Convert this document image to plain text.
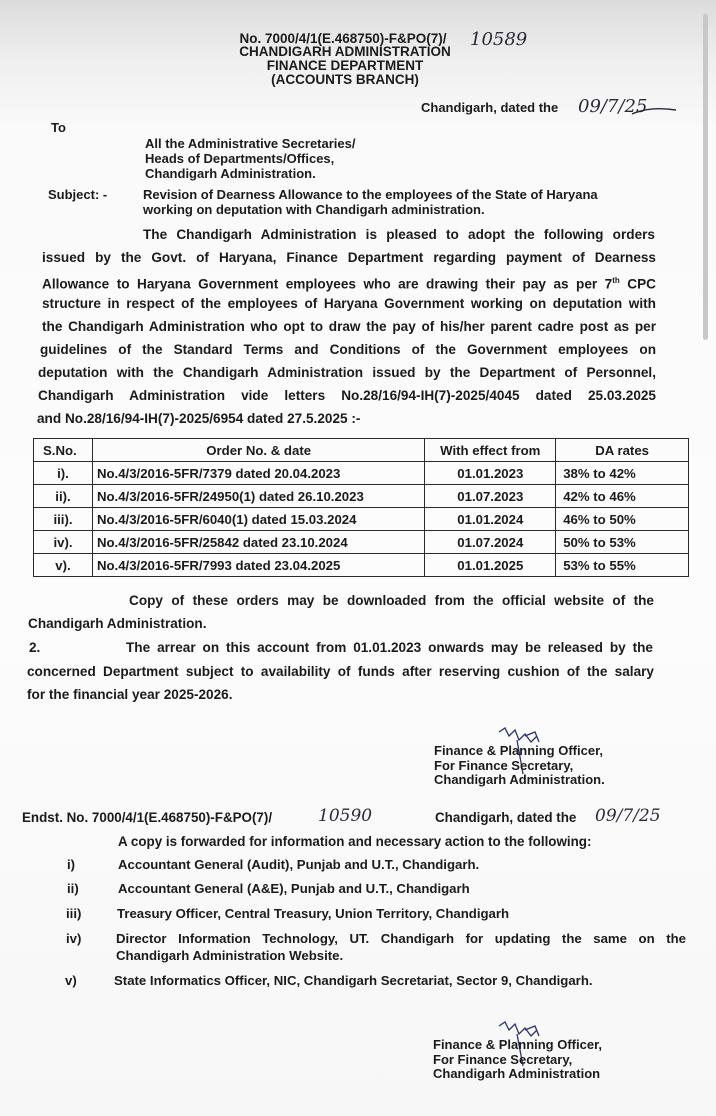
No. 7000/4/1(E.468750)-F&PO(7)/	10589
CHANDIGARH ADMINISTRATION
FINANCE DEPARTMENT
(ACCOUNTS BRANCH)
Chandigarh, dated the 09/7/25
To
All the Administrative Secretaries/
Heads of Departments/Offices,
Chandigarh Administration.
Subject: -	Revision of Dearness Allowance to the employees of the State of Haryana
working on deputation with Chandigarh administration.
The Chandigarh Administration is pleased to adopt the following orders
issued by the Govt. of Haryana, Finance Department regarding payment of Dearness
Allowance to Haryana Government employees who are drawing their pay as per 7th CPC
structure in respect of the employees of Haryana Government working on deputation with
the Chandigarh Administration who opt to draw the pay of his/her parent cadre post as per
guidelines of the Standard Terms and Conditions of the Government employees on
deputation with the Chandigarh Administration issued by the Department of Personnel,
Chandigarh Administration vide letters No.28/16/94-IH(7)-2025/4045 dated 25.03.2025
and No.28/16/94-IH(7)-2025/6954 dated 27.5.2025 :-
S.No.	Order No. & date	With effect from	DA rates
i).	No.4/3/2016-5FR/7379 dated 20.04.2023	01.01.2023	38% to 42%
ii).	No.4/3/2016-5FR/24950(1) dated 26.10.2023	01.07.2023	42% to 46%
iii).	No.4/3/2016-5FR/6040(1) dated 15.03.2024	01.01.2024	46% to 50%
iv).	No.4/3/2016-5FR/25842 dated 23.10.2024	01.07.2024	50% to 53%
v).	No.4/3/2016-5FR/7993 dated 23.04.2025	01.01.2025	53% to 55%
Copy of these orders may be downloaded from the official website of the
Chandigarh Administration.
2.	The arrear on this account from 01.01.2023 onwards may be released by the
concerned Department subject to availability of funds after reserving cushion of the salary
for the financial year 2025-2026.
Finance & Planning Officer,
For Finance Secretary,
Chandigarh Administration.
Endst. No. 7000/4/1(E.468750)-F&PO(7)/	10590	Chandigarh, dated the 09/7/25
A copy is forwarded for information and necessary action to the following:
i)	Accountant General (Audit), Punjab and U.T., Chandigarh.
ii)	Accountant General (A&E), Punjab and U.T., Chandigarh
iii)	Treasury Officer, Central Treasury, Union Territory, Chandigarh
iv)	Director Information Technology, UT. Chandigarh for updating the same on the
Chandigarh Administration Website.
v)	State Informatics Officer, NIC, Chandigarh Secretariat, Sector 9, Chandigarh.
Finance & Planning Officer,
For Finance Secretary,
Chandigarh Administration
